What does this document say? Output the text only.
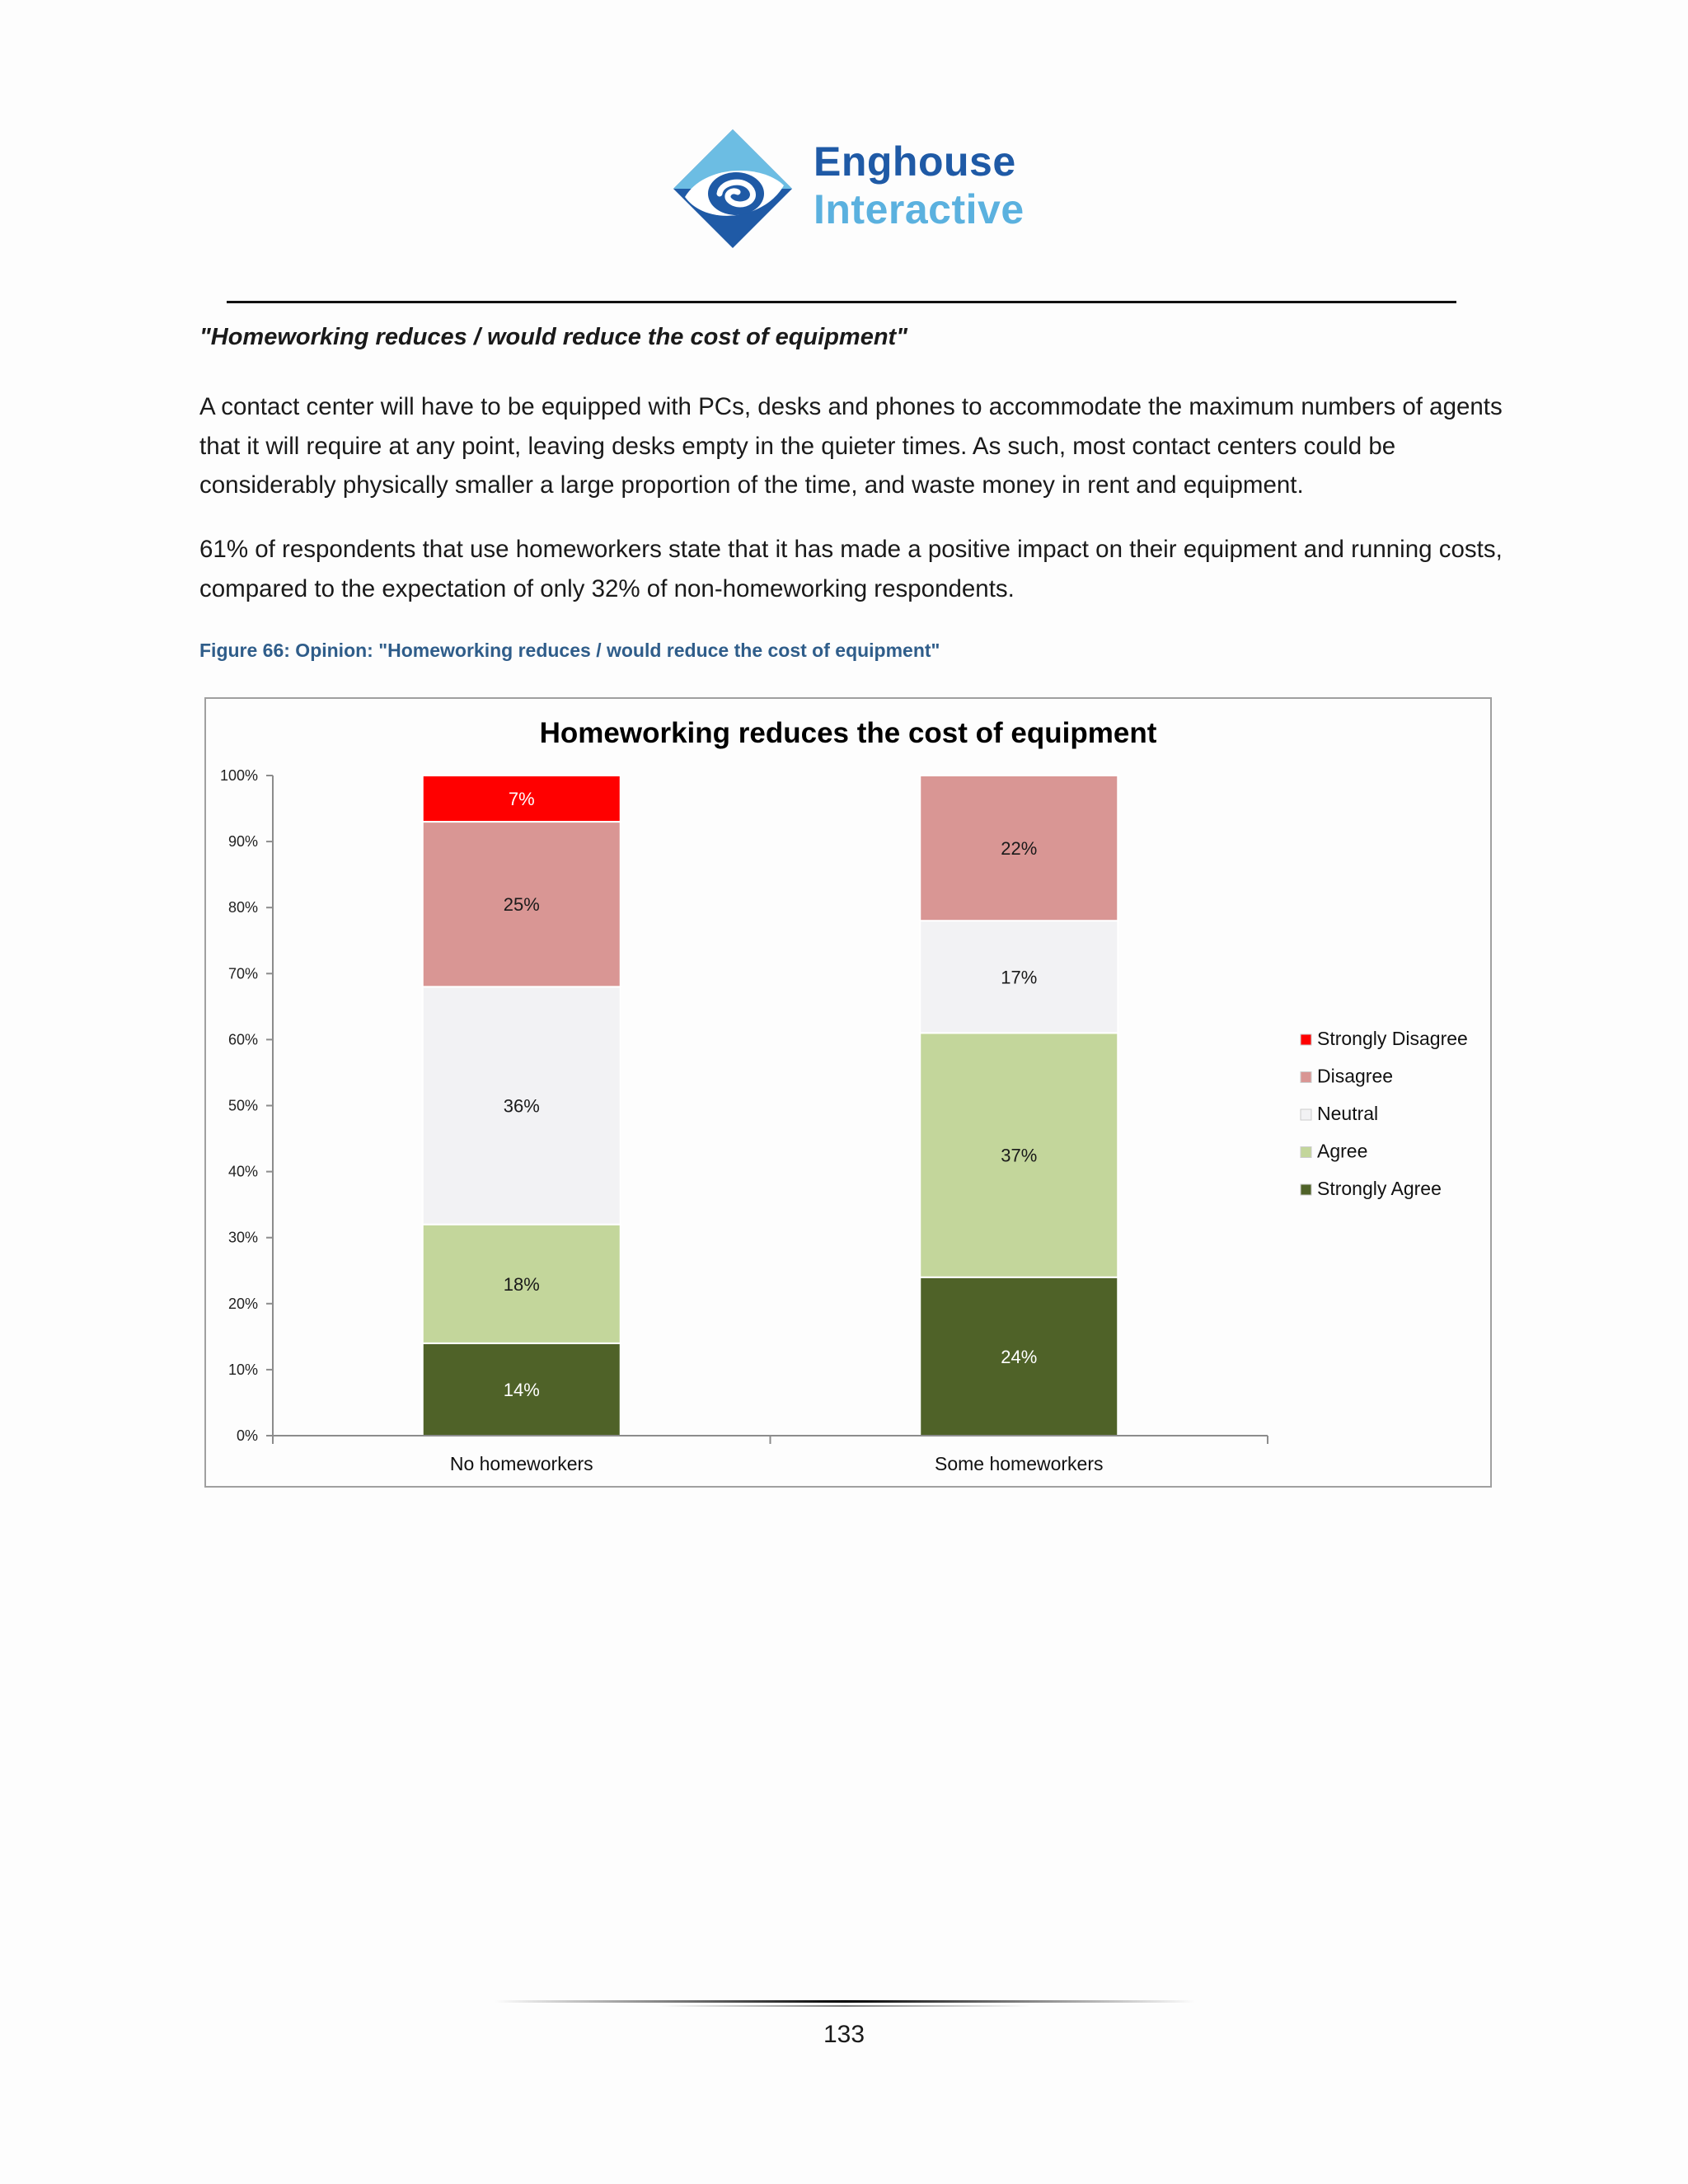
Enghouse
Interactive
"Homeworking reduces / would reduce the cost of equipment"

A contact center will have to be equipped with PCs, desks and phones to accommodate the maximum numbers of agents that it will require at any point, leaving desks empty in the quieter times. As such, most contact centers could be considerably physically smaller a large proportion of the time, and waste money in rent and equipment.

61% of respondents that use homeworkers state that it has made a positive impact on their equipment and running costs, compared to the expectation of only 32% of non-homeworking respondents.

Figure 66: Opinion: "Homeworking reduces / would reduce the cost of equipment"
Homeworking reduces the cost of equipment
14%
18%
36%
25%
7%
24%
37%
17%
22%
0%
10%
20%
30%
40%
50%
60%
70%
80%
90%
100%
No homeworkers	Some homeworkers
Strongly Disagree
Disagree
Neutral
Agree
Strongly Agree
133
